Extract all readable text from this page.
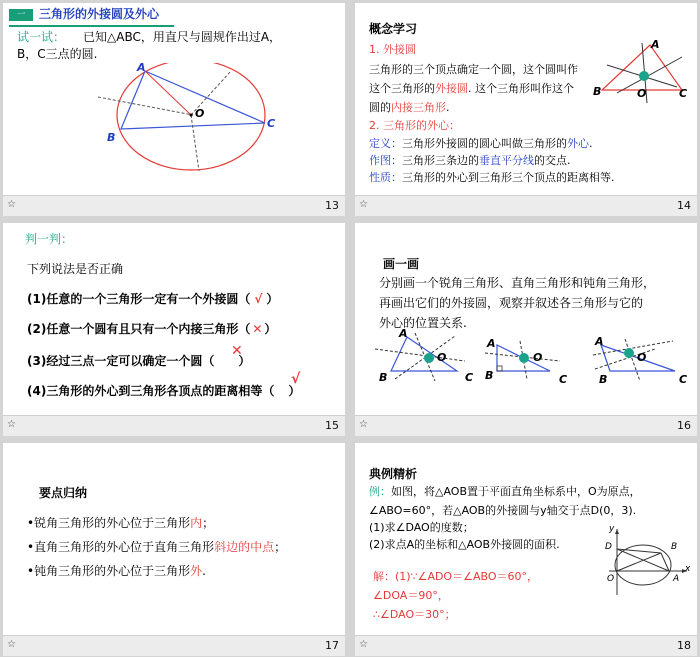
一	三角形的外接圆及外心
试一试： 已知△ABC，用直尺与圆规作出过A，
B，C三点的圆.
A
B
C
O
☆	13
概念学习
1. 外接圆
三角形的三个顶点确定一个圆，这个圆叫作
这个三角形的外接圆. 这个三角形叫作这个
圆的内接三角形.
2. 三角形的外心：
定义：三角形外接圆的圆心叫做三角形的外心.
作图：三角形三条边的垂直平分线的交点.
性质：三角形的外心到三角形三个顶点的距离相等.
A
B	O	C
☆	14
判一判：
下列说法是否正确
(1)任意的一个三角形一定有一个外接圆（ √ ）
(2)任意一个圆有且只有一个内接三角形（ ✕ ）
(3)经过三点一定可以确定一个圆（ ）
✕
(4)三角形的外心到三角形各顶点的距离相等（ ）
√
☆	15
画一画
分别画一个锐角三角形、直角三角形和钝角三角形，
再画出它们的外接圆，观察并叙述各三角形与它的
外心的位置关系.
A
O
B	C
A
O
B	C
A
O
B	C
☆	16
要点归纳
•锐角三角形的外心位于三角形内；
•直角三角形的外心位于直角三角形斜边的中点；
•钝角三角形的外心位于三角形外.
☆	17
典例精析
例：如图，将△AOB置于平面直角坐标系中，O为原点，
∠ABO=60°，若△AOB的外接圆与y轴交于点D(0，3).
(1)求∠DAO的度数；
(2)求点A的坐标和△AOB外接圆的面积.
解：(1)∵∠ADO＝∠ABO＝60°，
∠DOA＝90°，
∴∠DAO＝30°；
y
D	B
O	A
x
☆	18
